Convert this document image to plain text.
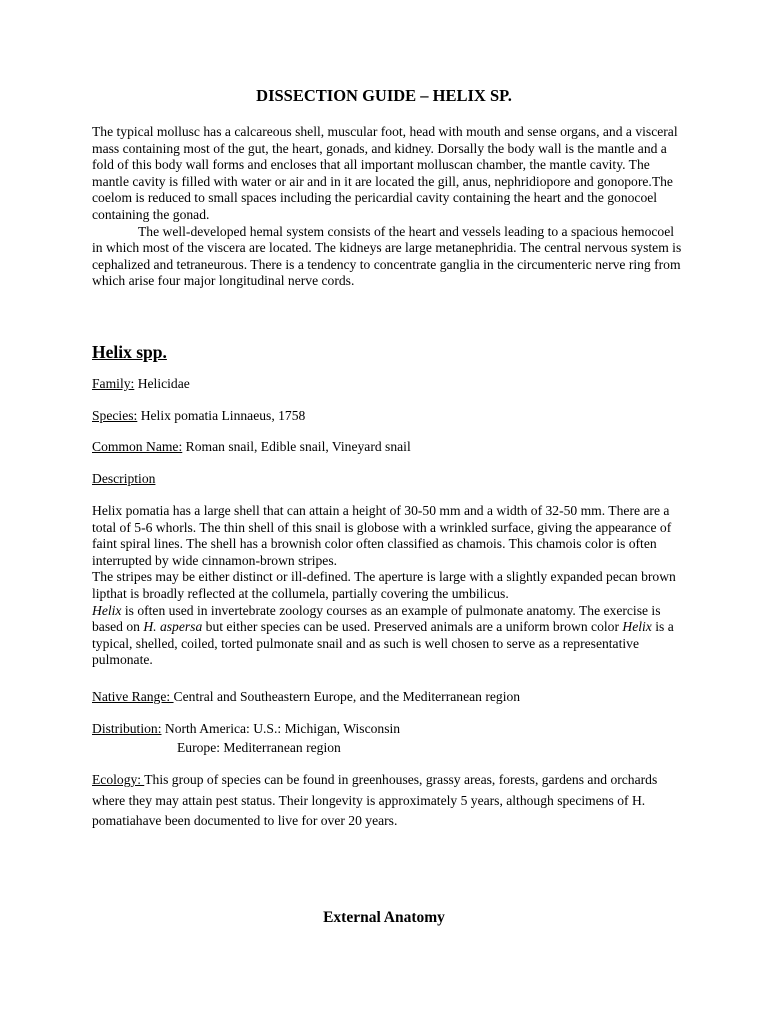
DISSECTION GUIDE – HELIX SP.

The typical mollusc has a calcareous shell, muscular foot, head with mouth and sense organs, and a visceral mass containing most of the gut, the heart, gonads, and kidney. Dorsally the body wall is the mantle and a fold of this body wall forms and encloses that all important molluscan chamber, the mantle cavity. The mantle cavity is filled with water or air and in it are located the gill, anus, nephridiopore and gonopore.The coelom is reduced to small spaces including the pericardial cavity containing the heart and the gonocoel containing the gonad.

The well-developed hemal system consists of the heart and vessels leading to a spacious hemocoel in which most of the viscera are located. The kidneys are large metanephridia. The central nervous system is cephalized and tetraneurous. There is a tendency to concentrate ganglia in the circumenteric nerve ring from which arise four major longitudinal nerve cords.

Helix spp.
Family: Helicidae
Species: Helix pomatia Linnaeus, 1758
Common Name: Roman snail, Edible snail, Vineyard snail
Description

Helix pomatia has a large shell that can attain a height of 30-50 mm and a width of 32-50 mm. There are a total of 5-6 whorls. The thin shell of this snail is globose with a wrinkled surface, giving the appearance of faint spiral lines. The shell has a brownish color often classified as chamois. This chamois color is often interrupted by wide cinnamon-brown stripes.

The stripes may be either distinct or ill-defined. The aperture is large with a slightly expanded pecan brown lipthat is broadly reflected at the collumela, partially covering the umbilicus.

Helix is often used in invertebrate zoology courses as an example of pulmonate anatomy. The exercise is based on H. aspersa but either species can be used. Preserved animals are a uniform brown color Helix is a typical, shelled, coiled, torted pulmonate snail and as such is well chosen to serve as a representative pulmonate.

Native Range: Central and Southeastern Europe, and the Mediterranean region
Distribution: North America: U.S.: Michigan, Wisconsin
Europe: Mediterranean region
Ecology: This group of species can be found in greenhouses, grassy areas, forests, gardens and orchards where they may attain pest status. Their longevity is approximately 5 years, although specimens of H. pomatiahave been documented to live for over 20 years.
External Anatomy
